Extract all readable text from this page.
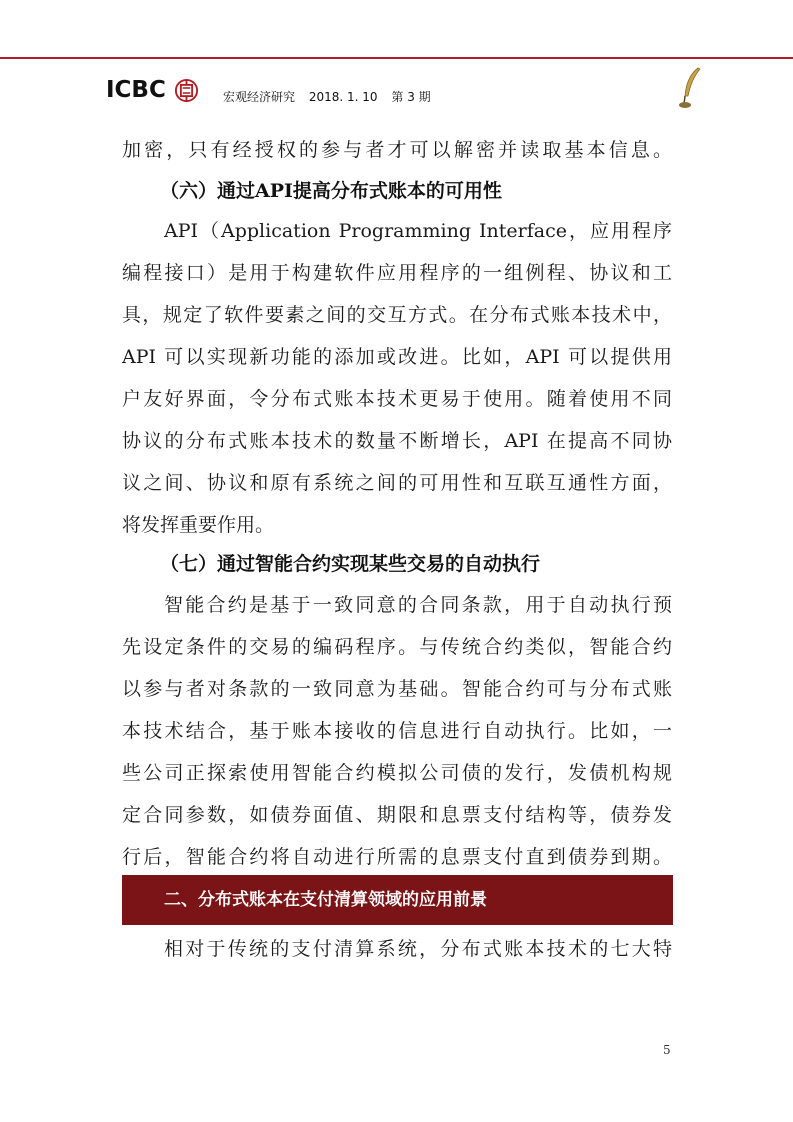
ICBC	宏观经济研究 2018. 1. 10 第 3 期
加密，只有经授权的参与者才可以解密并读取基本信息。
（六）通过API提高分布式账本的可用性
API（Application Programming Interface，应用程序
编程接口）是用于构建软件应用程序的一组例程、协议和工
具，规定了软件要素之间的交互方式。在分布式账本技术中，
API 可以实现新功能的添加或改进。比如，API 可以提供用
户友好界面，令分布式账本技术更易于使用。随着使用不同
协议的分布式账本技术的数量不断增长，API 在提高不同协
议之间、协议和原有系统之间的可用性和互联互通性方面，
将发挥重要作用。
（七）通过智能合约实现某些交易的自动执行
智能合约是基于一致同意的合同条款，用于自动执行预
先设定条件的交易的编码程序。与传统合约类似，智能合约
以参与者对条款的一致同意为基础。智能合约可与分布式账
本技术结合，基于账本接收的信息进行自动执行。比如，一
些公司正探索使用智能合约模拟公司债的发行，发债机构规
定合同参数，如债券面值、期限和息票支付结构等，债券发
行后，智能合约将自动进行所需的息票支付直到债券到期。
二、分布式账本在支付清算领域的应用前景
相对于传统的支付清算系统，分布式账本技术的七大特
5
